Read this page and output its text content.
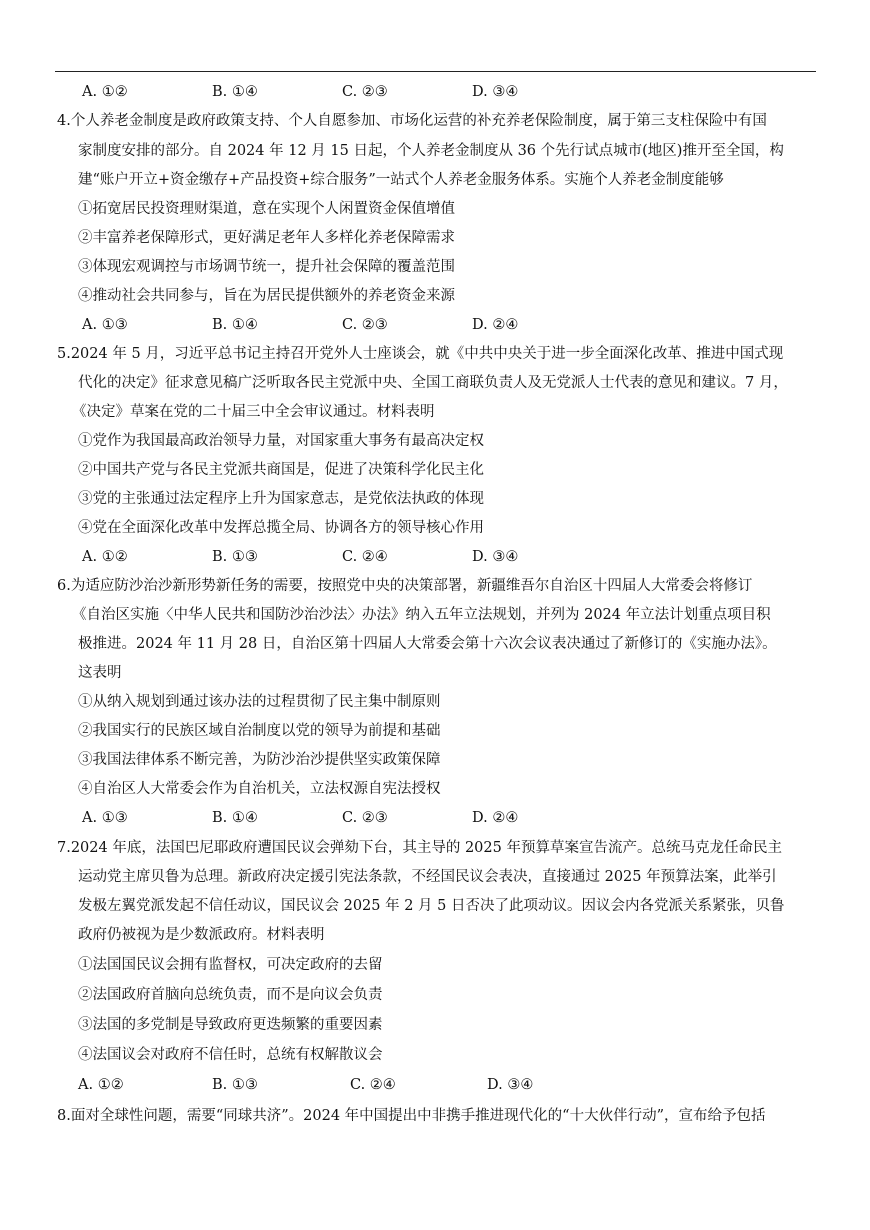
A. ①②	B. ①④	C. ②③	D. ③④
4.个人养老金制度是政府政策支持、个人自愿参加、市场化运营的补充养老保险制度，属于第三支柱保险中有国
家制度安排的部分。自 2024 年 12 月 15 日起，个人养老金制度从 36 个先行试点城市(地区)推开至全国，构
建“账户开立+资金缴存+产品投资+综合服务”一站式个人养老金服务体系。实施个人养老金制度能够
①拓宽居民投资理财渠道，意在实现个人闲置资金保值增值
②丰富养老保障形式，更好满足老年人多样化养老保障需求
③体现宏观调控与市场调节统一，提升社会保障的覆盖范围
④推动社会共同参与，旨在为居民提供额外的养老资金来源
A. ①③	B. ①④	C. ②③	D. ②④
5.2024 年 5 月，习近平总书记主持召开党外人士座谈会，就《中共中央关于进一步全面深化改革、推进中国式现
代化的决定》征求意见稿广泛听取各民主党派中央、全国工商联负责人及无党派人士代表的意见和建议。7 月，
《决定》草案在党的二十届三中全会审议通过。材料表明
①党作为我国最高政治领导力量，对国家重大事务有最高决定权
②中国共产党与各民主党派共商国是，促进了决策科学化民主化
③党的主张通过法定程序上升为国家意志，是党依法执政的体现
④党在全面深化改革中发挥总揽全局、协调各方的领导核心作用
A. ①②	B. ①③	C. ②④	D. ③④
6.为适应防沙治沙新形势新任务的需要，按照党中央的决策部署，新疆维吾尔自治区十四届人大常委会将修订
《自治区实施〈中华人民共和国防沙治沙法〉办法》纳入五年立法规划，并列为 2024 年立法计划重点项目积
极推进。2024 年 11 月 28 日，自治区第十四届人大常委会第十六次会议表决通过了新修订的《实施办法》。
这表明
①从纳入规划到通过该办法的过程贯彻了民主集中制原则
②我国实行的民族区域自治制度以党的领导为前提和基础
③我国法律体系不断完善，为防沙治沙提供坚实政策保障
④自治区人大常委会作为自治机关，立法权源自宪法授权
A. ①③	B. ①④	C. ②③	D. ②④
7.2024 年底，法国巴尼耶政府遭国民议会弹劾下台，其主导的 2025 年预算草案宣告流产。总统马克龙任命民主
运动党主席贝鲁为总理。新政府决定援引宪法条款，不经国民议会表决，直接通过 2025 年预算法案，此举引
发极左翼党派发起不信任动议，国民议会 2025 年 2 月 5 日否决了此项动议。因议会内各党派关系紧张，贝鲁
政府仍被视为是少数派政府。材料表明
①法国国民议会拥有监督权，可决定政府的去留
②法国政府首脑向总统负责，而不是向议会负责
③法国的多党制是导致政府更迭频繁的重要因素
④法国议会对政府不信任时，总统有权解散议会
A. ①②	B. ①③	C. ②④	D. ③④
8.面对全球性问题，需要“同球共济”。2024 年中国提出中非携手推进现代化的“十大伙伴行动”，宣布给予包括
